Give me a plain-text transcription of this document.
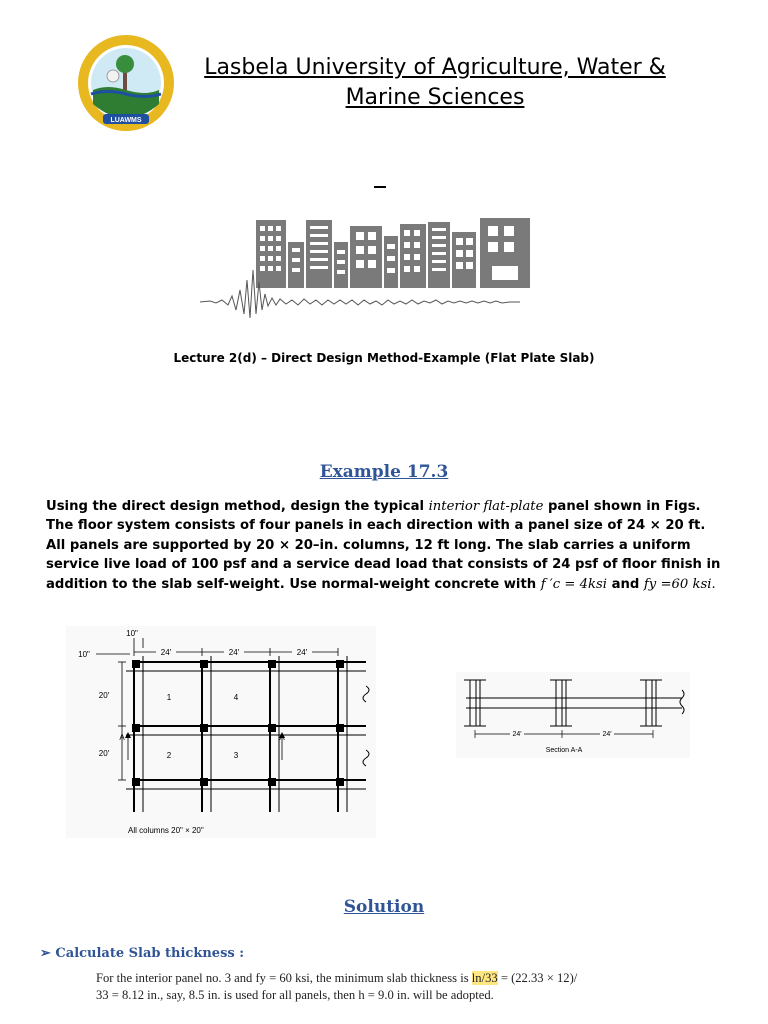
LUAWMS
Lasbela University of Agriculture, Water &
Marine Sciences
Lecture 2(d) – Direct Design Method-Example (Flat Plate Slab)
Example 17.3
Using the direct design method, design the typical interior flat-plate panel shown in Figs. The floor system consists of four panels in each direction with a panel size of 24 × 20 ft. All panels are supported by 20 × 20–in. columns, 12 ft long. The slab carries a uniform service live load of 100 psf and a service dead load that consists of 24 psf of floor finish in addition to the slab self-weight. Use normal-weight concrete with f ′c = 4ksi and fy =60 ksi.
10"
10"	24′	24′	24′
20′
20′
1	4
2	3
A	A
All columns 20" × 20"
24′	24′
Section A-A
Solution
➢ Calculate Slab thickness :
For the interior panel no. 3 and fy = 60 ksi, the minimum slab thickness is ln/33 = (22.33 × 12)/
33 = 8.12 in., say, 8.5 in. is used for all panels, then h = 9.0 in. will be adopted.
